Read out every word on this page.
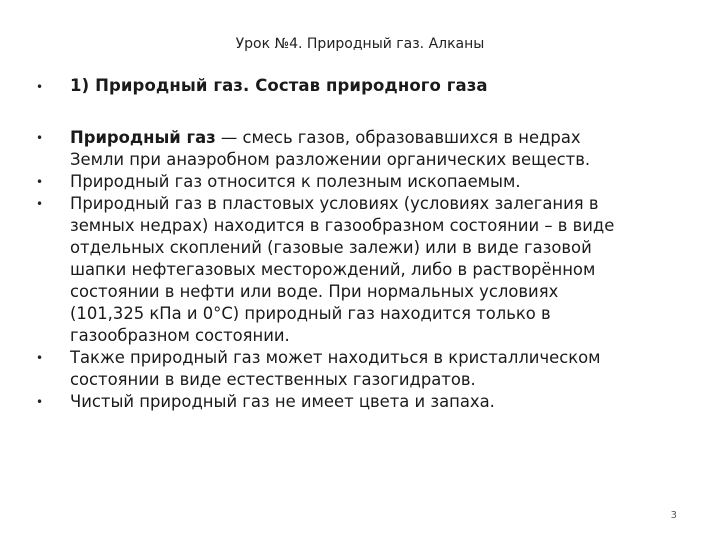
Урок №4. Природный газ. Алканы
•	1) Природный газ. Состав природного газа
•	Природный газ — смесь газов, образовавшихся в недрах
Земли при анаэробном разложении органических веществ.
•	Природный газ относится к полезным ископаемым.
•	Природный газ в пластовых условиях (условиях залегания в
земных недрах) находится в газообразном состоянии – в виде
отдельных скоплений (газовые залежи) или в виде газовой
шапки нефтегазовых месторождений, либо в растворённом
состоянии в нефти или воде. При нормальных условиях
(101,325 кПа и 0°C) природный газ находится только в
газообразном состоянии.
•	Также природный газ может находиться в кристаллическом
состоянии в виде естественных газогидратов.
•	Чистый природный газ не имеет цвета и запаха.
3
